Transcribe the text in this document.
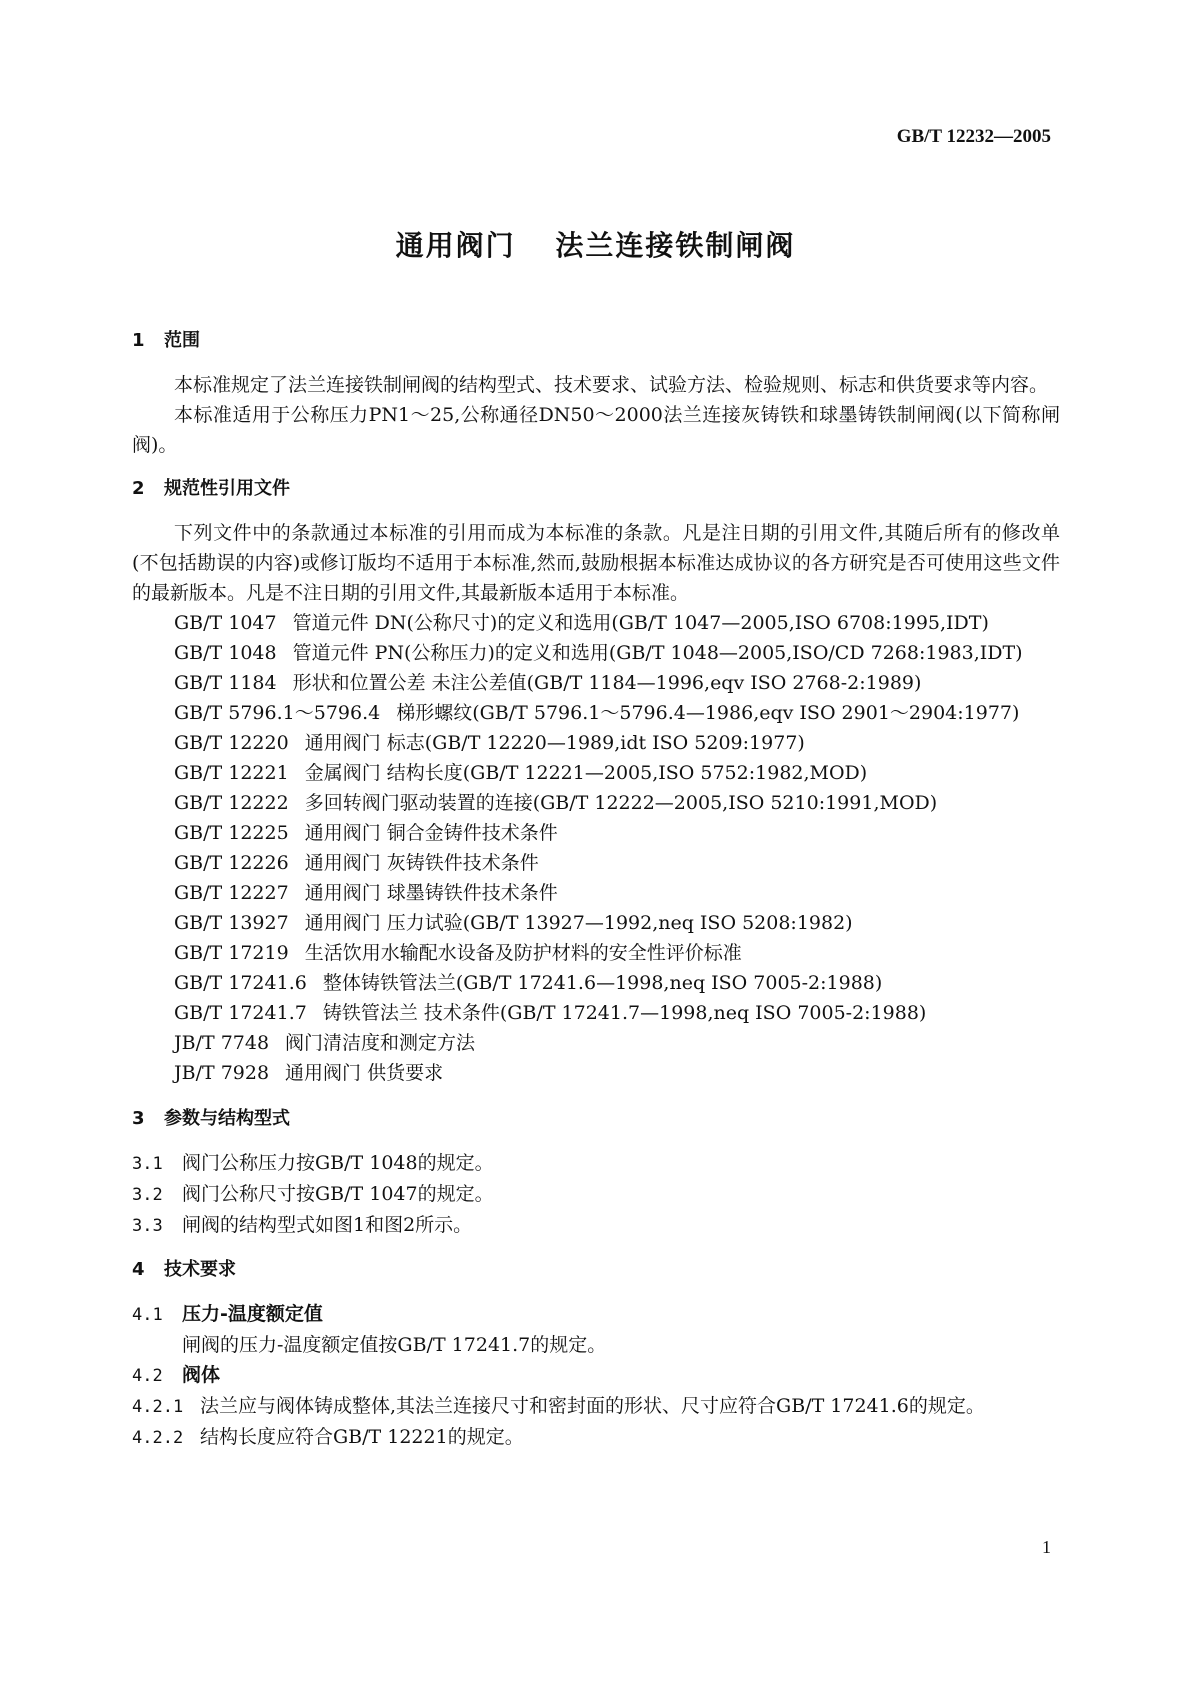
GB/T 12232—2005
通用阀门 法兰连接铁制闸阀
1 范围

本标准规定了法兰连接铁制闸阀的结构型式、技术要求、试验方法、检验规则、标志和供货要求等内容。

本标准适用于公称压力PN1～25,公称通径DN50～2000法兰连接灰铸铁和球墨铸铁制闸阀(以下简称闸阀)。

2 规范性引用文件

下列文件中的条款通过本标准的引用而成为本标准的条款。凡是注日期的引用文件,其随后所有的修改单(不包括勘误的内容)或修订版均不适用于本标准,然而,鼓励根据本标准达成协议的各方研究是否可使用这些文件的最新版本。凡是不注日期的引用文件,其最新版本适用于本标准。

GB/T 1047 管道元件 DN(公称尺寸)的定义和选用(GB/T 1047—2005,ISO 6708:1995,IDT)

GB/T 1048 管道元件 PN(公称压力)的定义和选用(GB/T 1048—2005,ISO/CD 7268:1983,IDT)

GB/T 1184 形状和位置公差 未注公差值(GB/T 1184—1996,eqv ISO 2768-2:1989)

GB/T 5796.1～5796.4 梯形螺纹(GB/T 5796.1～5796.4—1986,eqv ISO 2901～2904:1977)

GB/T 12220 通用阀门 标志(GB/T 12220—1989,idt ISO 5209:1977)

GB/T 12221 金属阀门 结构长度(GB/T 12221—2005,ISO 5752:1982,MOD)

GB/T 12222 多回转阀门驱动装置的连接(GB/T 12222—2005,ISO 5210:1991,MOD)

GB/T 12225 通用阀门 铜合金铸件技术条件

GB/T 12226 通用阀门 灰铸铁件技术条件

GB/T 12227 通用阀门 球墨铸铁件技术条件

GB/T 13927 通用阀门 压力试验(GB/T 13927—1992,neq ISO 5208:1982)

GB/T 17219 生活饮用水输配水设备及防护材料的安全性评价标准

GB/T 17241.6 整体铸铁管法兰(GB/T 17241.6—1998,neq ISO 7005-2:1988)

GB/T 17241.7 铸铁管法兰 技术条件(GB/T 17241.7—1998,neq ISO 7005-2:1988)

JB/T 7748 阀门清洁度和测定方法

JB/T 7928 通用阀门 供货要求

3 参数与结构型式

3.1 阀门公称压力按GB/T 1048的规定。

3.2 阀门公称尺寸按GB/T 1047的规定。

3.3 闸阀的结构型式如图1和图2所示。

4 技术要求

4.1 压力-温度额定值

闸阀的压力-温度额定值按GB/T 17241.7的规定。

4.2 阀体

4.2.1 法兰应与阀体铸成整体,其法兰连接尺寸和密封面的形状、尺寸应符合GB/T 17241.6的规定。

4.2.2 结构长度应符合GB/T 12221的规定。

1
